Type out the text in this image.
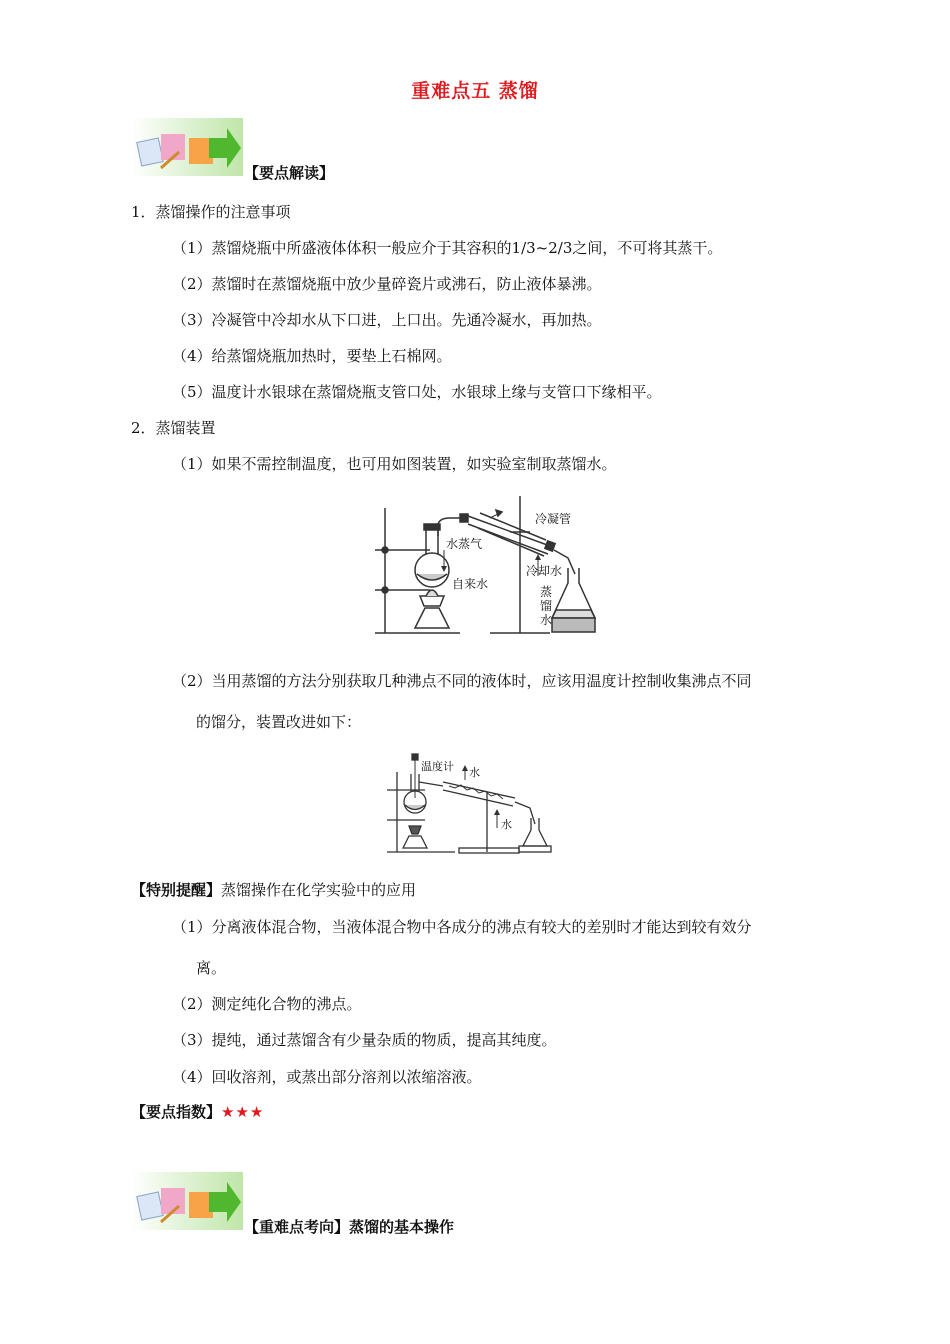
重难点五 蒸馏
【要点解读】
1．蒸馏操作的注意事项
（1）蒸馏烧瓶中所盛液体体积一般应介于其容积的1/3~2/3之间，不可将其蒸干。
（2）蒸馏时在蒸馏烧瓶中放少量碎瓷片或沸石，防止液体暴沸。
（3）冷凝管中冷却水从下口进，上口出。先通冷凝水，再加热。
（4）给蒸馏烧瓶加热时，要垫上石棉网。
（5）温度计水银球在蒸馏烧瓶支管口处，水银球上缘与支管口下缘相平。
2．蒸馏装置
（1）如果不需控制温度，也可用如图装置，如实验室制取蒸馏水。
水蒸气
自来水
冷凝管
冷却水
蒸
馏
水
（2）当用蒸馏的方法分别获取几种沸点不同的液体时，应该用温度计控制收集沸点不同
的馏分，装置改进如下：
温度计 水
水
【特别提醒】蒸馏操作在化学实验中的应用
（1）分离液体混合物，当液体混合物中各成分的沸点有较大的差别时才能达到较有效分
离。
（2）测定纯化合物的沸点。
（3）提纯，通过蒸馏含有少量杂质的物质，提高其纯度。
（4）回收溶剂，或蒸出部分溶剂以浓缩溶液。
【要点指数】★★★
【重难点考向】蒸馏的基本操作
